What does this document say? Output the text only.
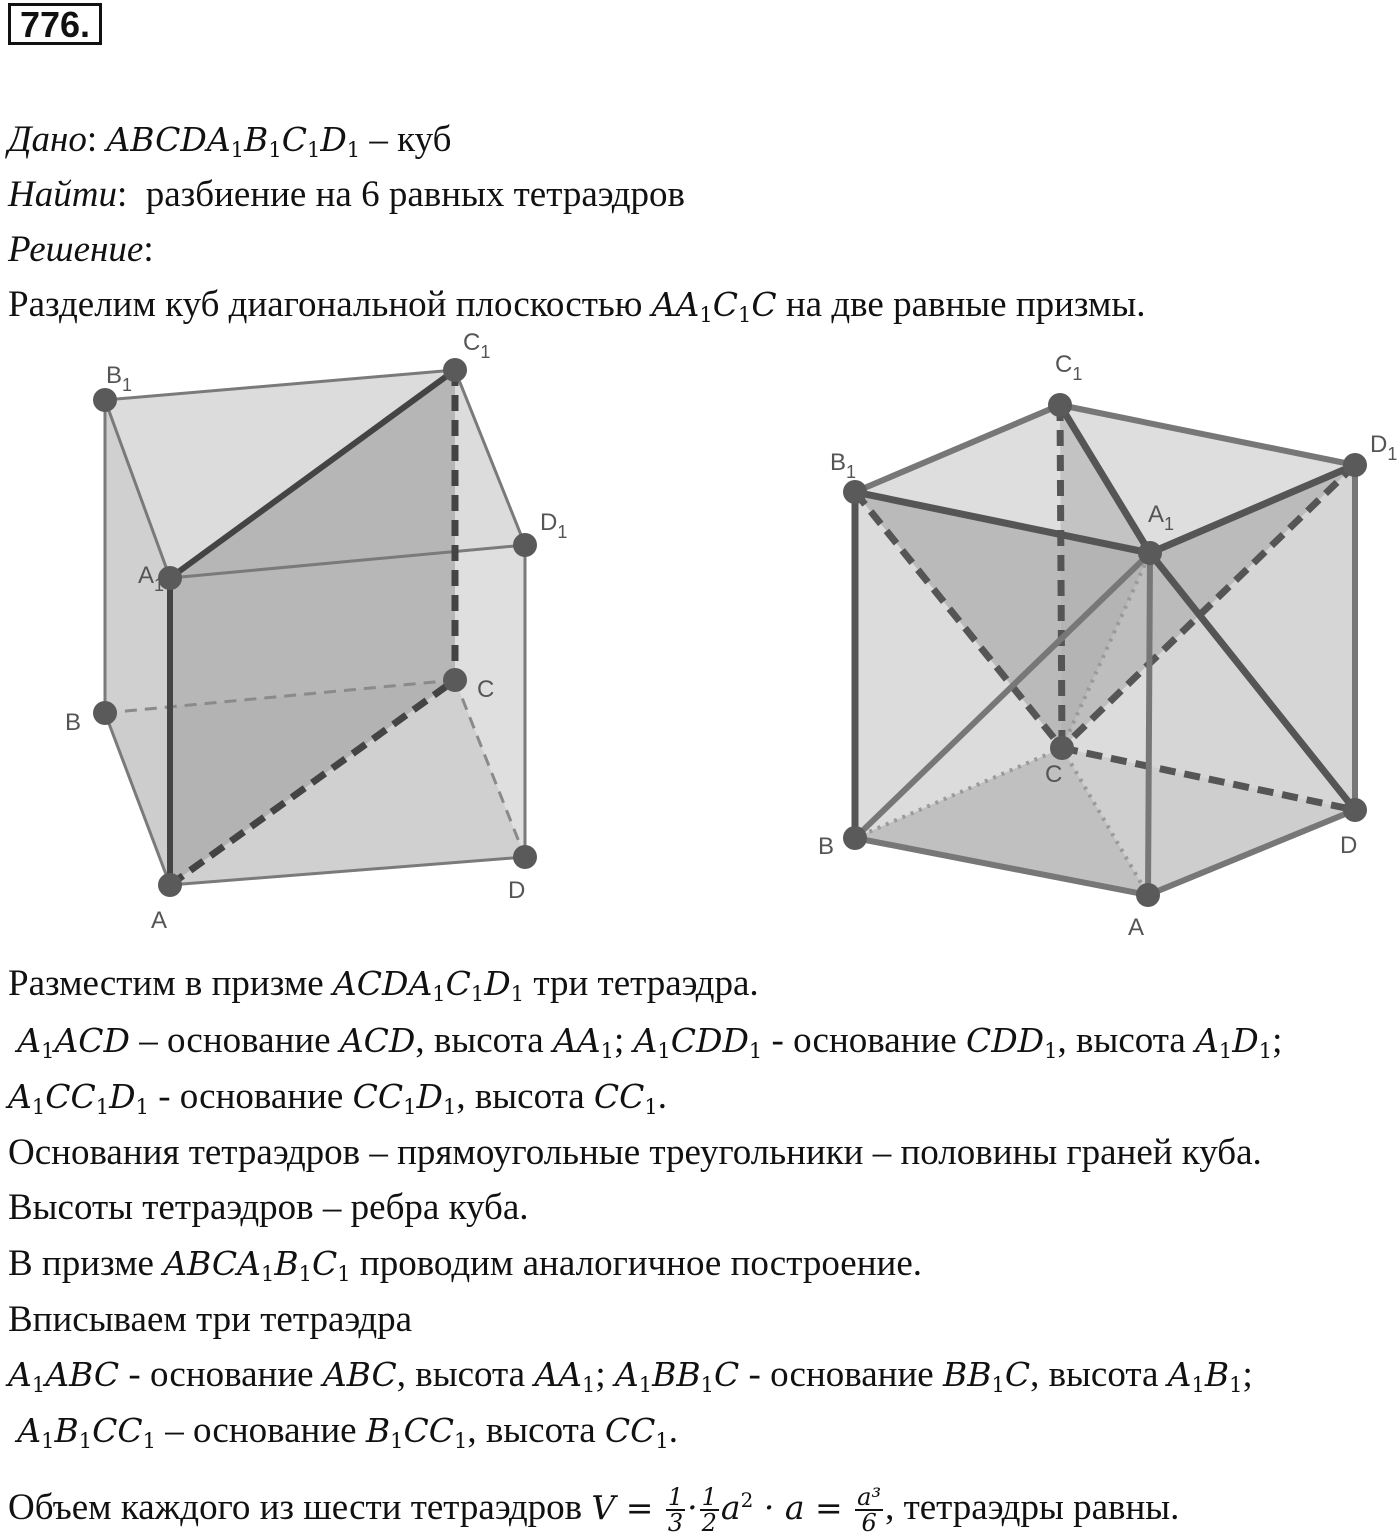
776.
Дано: $ABCDA_1B_1C_1D_1$ – куб
Найти:  разбиение на 6 равных тетраэдров
Решение:
Разделим куб диагональной плоскостью $AA_1C_1C$ на две равные призмы.
$B_1$
$C_1$
$D_1$
$A_1$
B
C
A
D
$B_1$
$C_1$
$D_1$
$A_1$
B
C
A
D
Разместим в призме $ACDA_1C_1D_1$ три тетраэдра.
$A_1ACD$ – основание ACD, высота $AA_1$; $A_1CDD_1$ - основание $CDD_1$, высота $A_1D_1$;
$A_1CC_1D_1$ - основание $CC_1D_1$, высота $CC_1$.
Основания тетраэдров – прямоугольные треугольники – половины граней куба.
Высоты тетраэдров – ребра куба.
В призме $ABCA_1B_1C_1$ проводим аналогичное построение.
Вписываем три тетраэдра
$A_1ABC$ - основание ABC, высота $AA_1$; $A_1BB_1C$ - основание $BB_1C$, высота $A_1B_1$;
$A_1B_1CC_1$ – основание $B_1CC_1$, высота $CC_1$.
Объем каждого из шести тетраэдров $V = \frac{1}{3} \cdot \frac{1}{2} a^2 \cdot a = \frac{\text{a³}}{6}$ , тетраэдры равны.
